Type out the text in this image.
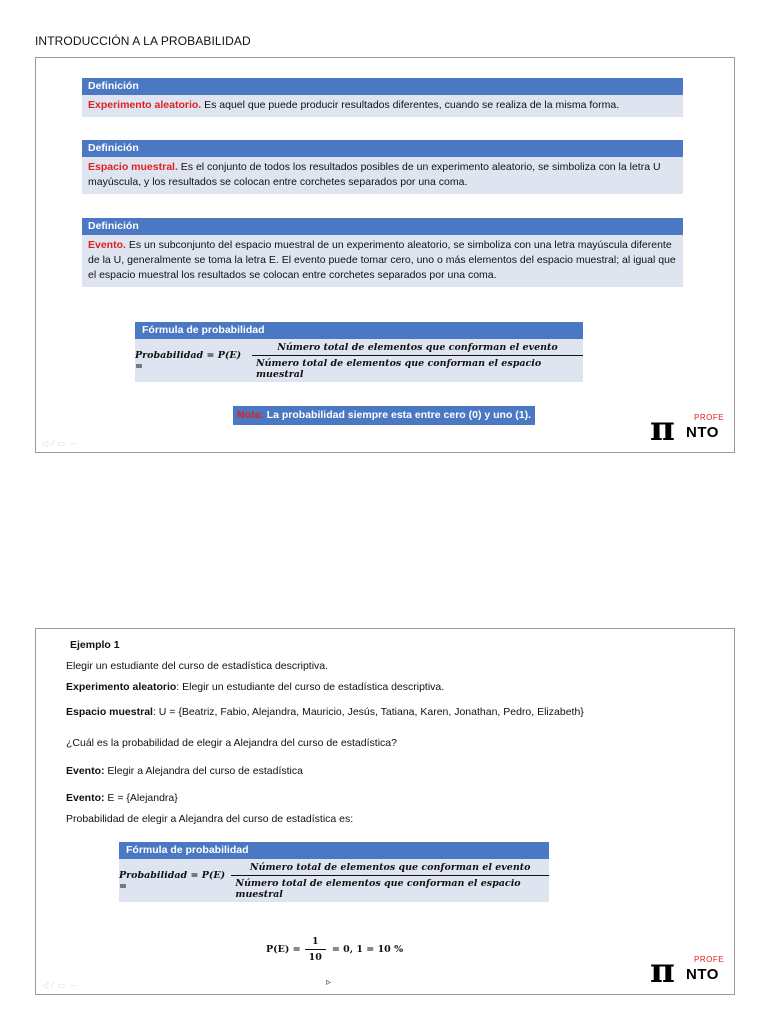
INTRODUCCIÓN A LA PROBABILIDAD
Definición
Experimento aleatorio. Es aquel que puede producir resultados diferentes, cuando se realiza de la misma forma.
Definición
Espacio muestral. Es el conjunto de todos los resultados posibles de un experimento aleatorio, se simboliza con la letra U mayúscula, y los resultados se colocan entre corchetes separados por una coma.
Definición
Evento. Es un subconjunto del espacio muestral de un experimento aleatorio, se simboliza con una letra mayúscula diferente de la U, generalmente se toma la letra E. El evento puede tomar cero, uno o más elementos del espacio muestral; al igual que el espacio muestral los resultados se colocan entre corchetes separados por una coma.
Fórmula de probabilidad
Probabilidad = P(E) =	$\frac{\text{Número total de elementos que conforman el evento}}{\text{Número total de elementos que conforman el espacio muestral}}$
Nota: La probabilidad siempre esta entre cero (0) y uno (1).	π PROFE
NTO
◁⁄▭⋯
Ejemplo 1
Elegir un estudiante del curso de estadística descriptiva.
Experimento aleatorio: Elegir un estudiante del curso de estadística descriptiva.
Espacio muestral: U = {Beatriz, Fabio, Alejandra, Mauricio, Jesús, Tatiana, Karen, Jonathan, Pedro, Elizabeth}
¿Cuál es la probabilidad de elegir a Alejandra del curso de estadística?
Evento: Elegir a Alejandra del curso de estadística
Evento: E = {Alejandra}
Probabilidad de elegir a Alejandra del curso de estadística es:
Fórmula de probabilidad
Probabilidad = P(E) =	$\frac{\text{Número total de elementos que conforman el evento}}{\text{Número total de elementos que conforman el espacio muestral}}$
$P(E) = \frac{1}{10} = 0$, 1 = 10 %
▹	π PROFE
NTO
◁⁄▭⋯
